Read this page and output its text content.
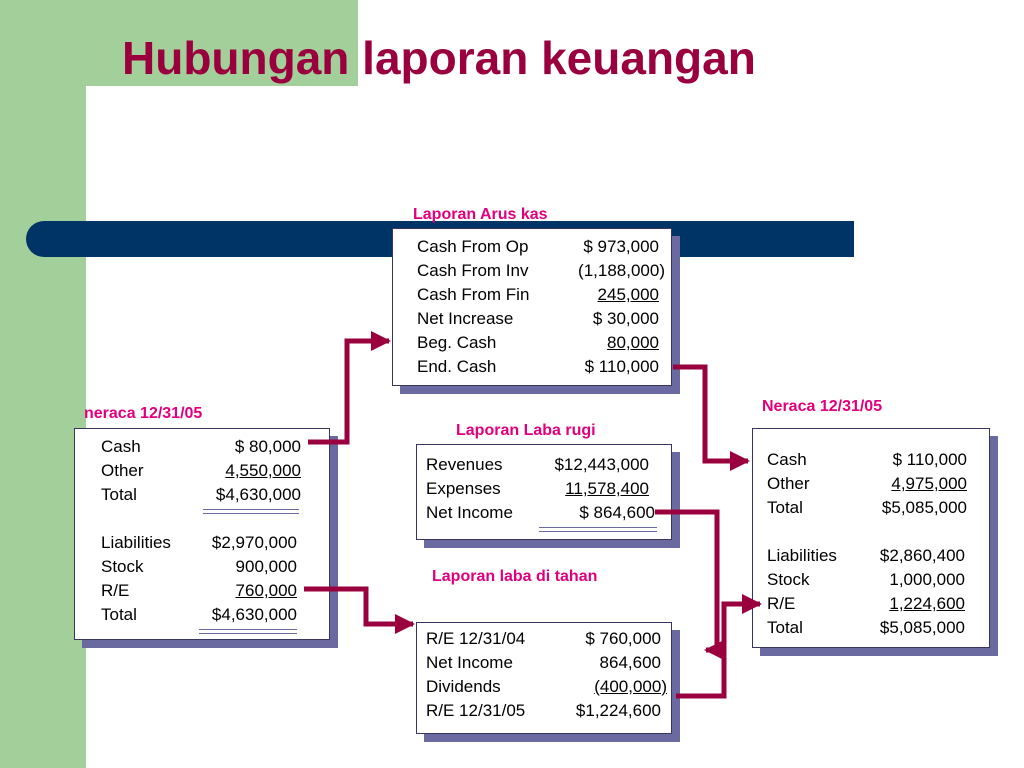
Hubungan laporan keuangan
Laporan Arus kas
Cash From Op	$ 973,000
Cash From Inv	(1,188,000)
Cash From Fin	245,000
Net Increase	$ 30,000
Beg. Cash	80,000
End. Cash	$ 110,000
neraca 12/31/05
Cash	$ 80,000
Other	4,550,000
Total	$4,630,000
Liabilities $2,970,000
Stock	900,000
R/E	760,000
Total	$4,630,000
Laporan Laba rugi
Revenues	$12,443,000
Expenses	11,578,400
Net Income	$ 864,600
Laporan laba di tahan
R/E 12/31/04	$ 760,000
Net Income	864,600
Dividends	(400,000)
R/E 12/31/05	$1,224,600
Neraca 12/31/05
Cash	$ 110,000
Other	4,975,000
Total	$5,085,000
Liabilities	$2,860,400
Stock	1,000,000
R/E	1,224,600
Total	$5,085,000
